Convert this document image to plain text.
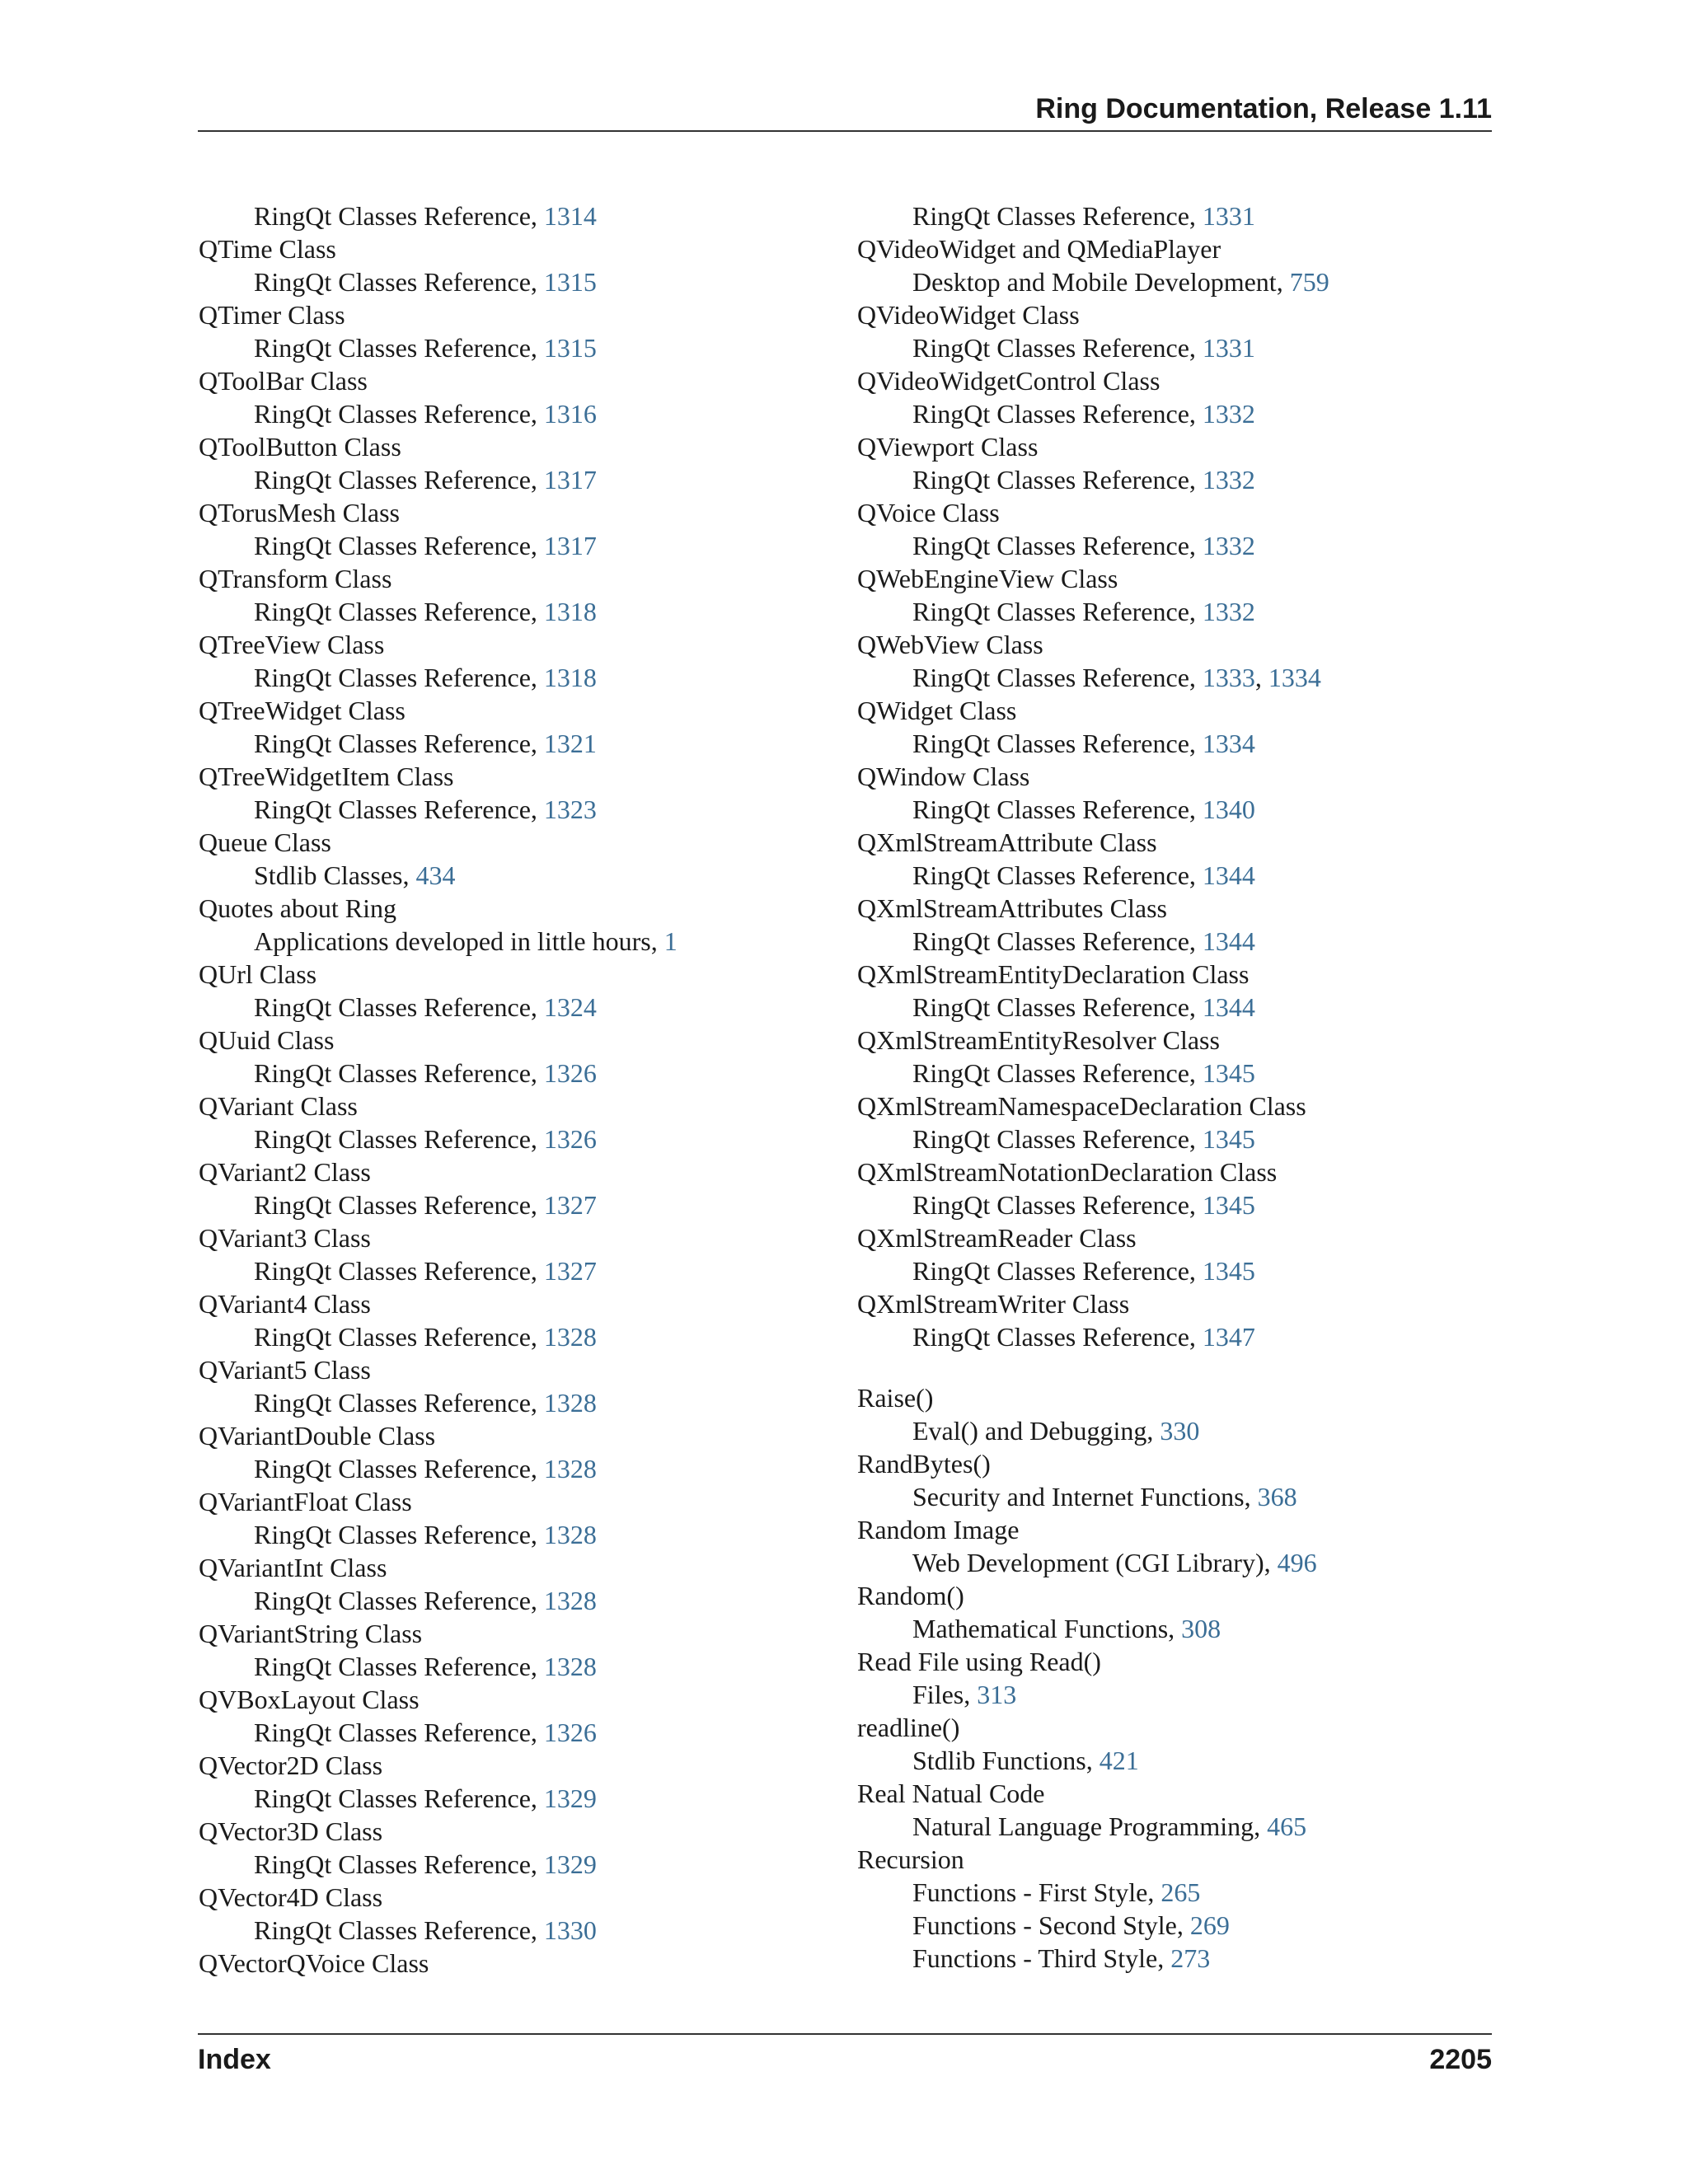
Ring Documentation, Release 1.11
RingQt Classes Reference, 1314
QTime Class
RingQt Classes Reference, 1315
QTimer Class
RingQt Classes Reference, 1315
QToolBar Class
RingQt Classes Reference, 1316
QToolButton Class
RingQt Classes Reference, 1317
QTorusMesh Class
RingQt Classes Reference, 1317
QTransform Class
RingQt Classes Reference, 1318
QTreeView Class
RingQt Classes Reference, 1318
QTreeWidget Class
RingQt Classes Reference, 1321
QTreeWidgetItem Class
RingQt Classes Reference, 1323
Queue Class
Stdlib Classes, 434
Quotes about Ring
Applications developed in little hours, 1
QUrl Class
RingQt Classes Reference, 1324
QUuid Class
RingQt Classes Reference, 1326
QVariant Class
RingQt Classes Reference, 1326
QVariant2 Class
RingQt Classes Reference, 1327
QVariant3 Class
RingQt Classes Reference, 1327
QVariant4 Class
RingQt Classes Reference, 1328
QVariant5 Class
RingQt Classes Reference, 1328
QVariantDouble Class
RingQt Classes Reference, 1328
QVariantFloat Class
RingQt Classes Reference, 1328
QVariantInt Class
RingQt Classes Reference, 1328
QVariantString Class
RingQt Classes Reference, 1328
QVBoxLayout Class
RingQt Classes Reference, 1326
QVector2D Class
RingQt Classes Reference, 1329
QVector3D Class
RingQt Classes Reference, 1329
QVector4D Class
RingQt Classes Reference, 1330
QVectorQVoice Class
RingQt Classes Reference, 1331
QVideoWidget and QMediaPlayer
Desktop and Mobile Development, 759
QVideoWidget Class
RingQt Classes Reference, 1331
QVideoWidgetControl Class
RingQt Classes Reference, 1332
QViewport Class
RingQt Classes Reference, 1332
QVoice Class
RingQt Classes Reference, 1332
QWebEngineView Class
RingQt Classes Reference, 1332
QWebView Class
RingQt Classes Reference, 1333, 1334
QWidget Class
RingQt Classes Reference, 1334
QWindow Class
RingQt Classes Reference, 1340
QXmlStreamAttribute Class
RingQt Classes Reference, 1344
QXmlStreamAttributes Class
RingQt Classes Reference, 1344
QXmlStreamEntityDeclaration Class
RingQt Classes Reference, 1344
QXmlStreamEntityResolver Class
RingQt Classes Reference, 1345
QXmlStreamNamespaceDeclaration Class
RingQt Classes Reference, 1345
QXmlStreamNotationDeclaration Class
RingQt Classes Reference, 1345
QXmlStreamReader Class
RingQt Classes Reference, 1345
QXmlStreamWriter Class
RingQt Classes Reference, 1347
Raise()
Eval() and Debugging, 330
RandBytes()
Security and Internet Functions, 368
Random Image
Web Development (CGI Library), 496
Random()
Mathematical Functions, 308
Read File using Read()
Files, 313
readline()
Stdlib Functions, 421
Real Natual Code
Natural Language Programming, 465
Recursion
Functions - First Style, 265
Functions - Second Style, 269
Functions - Third Style, 273
Index	2205
